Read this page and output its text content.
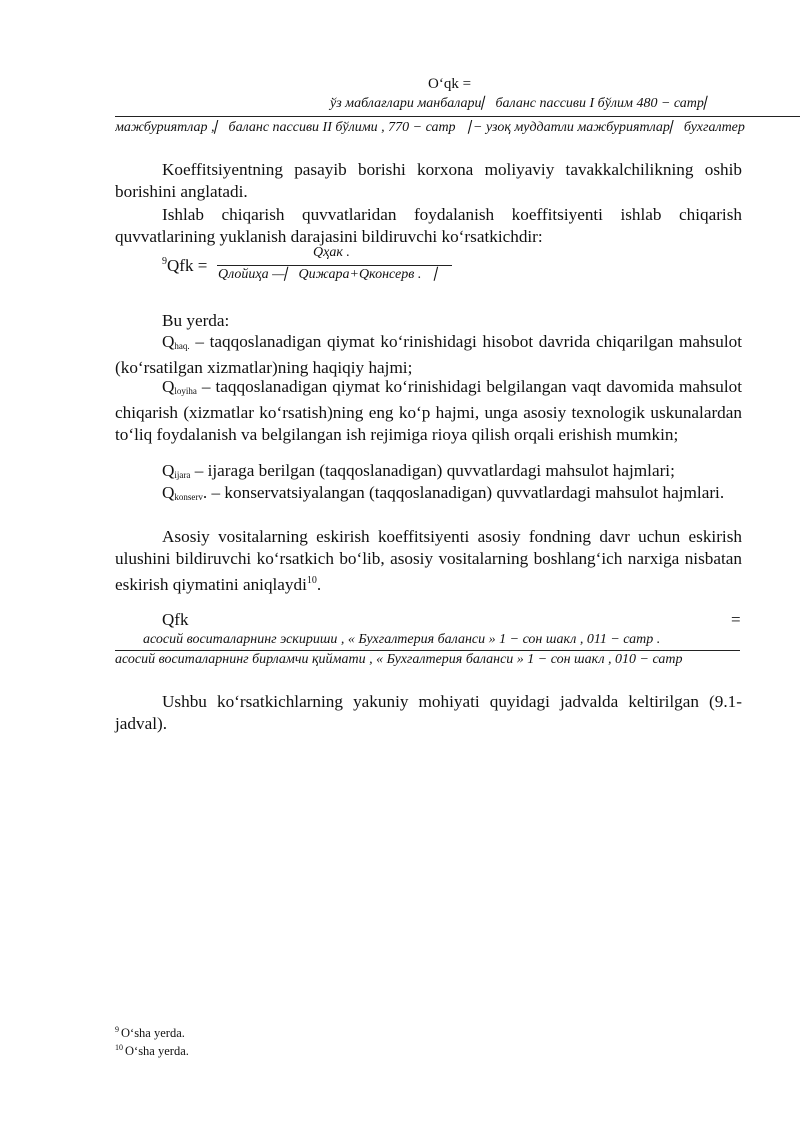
O‘qk =
ўз маблағлари манбалари⎸баланс пассиви I бўлим 480 − сатр⎸
мажбуриятлар ,⎸баланс пассиви II бўлими , 770 − сатр⎹ − узоқ муддатли мажбуриятлар⎸бухгалтер
Koeffitsiyentning pasayib borishi korxona moliyaviy tavakkalchilikning oshib borishini anglatadi.
Ishlab chiqarish quvvatlaridan foydalanish koeffitsiyenti ishlab chiqarish quvvatlarining yuklanish darajasini bildiruvchi ko‘rsatkichdir:
$^9$Qfk =
Qҳак .
Qлойиҳа —⎸Qижара+Qконсерв .⎹
Bu yerda:
$Q_{haq.}$ – taqqoslanadigan qiymat ko‘rinishidagi hisobot davrida chiqarilgan mahsulot (ko‘rsatilgan xizmatlar)ning haqiqiy hajmi;
$Q_{loyiha}$ – taqqoslanadigan qiymat ko‘rinishidagi belgilangan vaqt davomida mahsulot chiqarish (xizmatlar ko‘rsatish)ning eng ko‘p hajmi, unga asosiy texnologik uskunalardan to‘liq foydalanish va belgilangan ish rejimiga rioya qilish orqali erishish mumkin;
$Q_{ijara}$ – ijaraga berilgan (taqqoslanadigan) quvvatlardagi mahsulot hajmlari;
$Q_{konserv}$. – konservatsiyalangan (taqqoslanadigan) quvvatlardagi mahsulot hajmlari.
Asosiy vositalarning eskirish koeffitsiyenti asosiy fondning davr uchun eskirish ulushini bildiruvchi ko‘rsatkich bo‘lib, asosiy vositalarning boshlang‘ich narxiga nisbatan eskirish qiymatini aniqlaydi$^{10}$.
Qfk	=
асосий воситаларнинг эскириши , « Бухгалтерия баланси » 1 − сон шакл , 011 − сатр .
асосий воситаларнинг бирламчи қиймати , « Бухгалтерия баланси » 1 − сон шакл , 010 − сатр
Ushbu ko‘rsatkichlarning yakuniy mohiyati quyidagi jadvalda keltirilgan (9.1-jadval).
$^9$ O‘sha yerda.
$^{10}$ O‘sha yerda.
